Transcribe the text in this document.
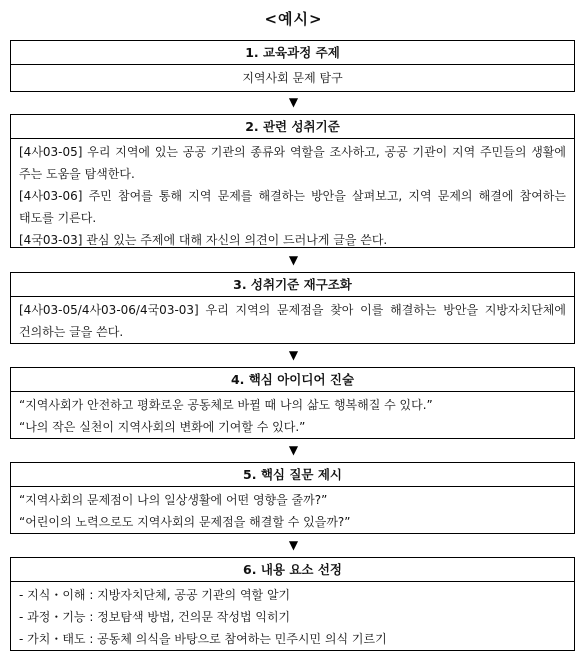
<예시>
1. 교육과정 주제
지역사회 문제 탐구
▼
2. 관련 성취기준
[4사03-05] 우리 지역에 있는 공공 기관의 종류와 역할을 조사하고, 공공 기관이 지역 주민들의 생활에 주는 도움을 탐색한다.
[4사03-06] 주민 참여를 통해 지역 문제를 해결하는 방안을 살펴보고, 지역 문제의 해결에 참여하는 태도를 기른다.
[4국03-03] 관심 있는 주제에 대해 자신의 의견이 드러나게 글을 쓴다.
▼
3. 성취기준 재구조화
[4사03-05/4사03-06/4국03-03] 우리 지역의 문제점을 찾아 이를 해결하는 방안을 지방자치단체에 건의하는 글을 쓴다.
▼
4. 핵심 아이디어 진술
“지역사회가 안전하고 평화로운 공동체로 바뀔 때 나의 삶도 행복해질 수 있다.”
“나의 작은 실천이 지역사회의 변화에 기여할 수 있다.”
▼
5. 핵심 질문 제시
“지역사회의 문제점이 나의 일상생활에 어떤 영향을 줄까?”
“어린이의 노력으로도 지역사회의 문제점을 해결할 수 있을까?”
▼
6. 내용 요소 선정
- 지식・이해 : 지방자치단체, 공공 기관의 역할 알기
- 과정・기능 : 정보탐색 방법, 건의문 작성법 익히기
- 가치・태도 : 공동체 의식을 바탕으로 참여하는 민주시민 의식 기르기
